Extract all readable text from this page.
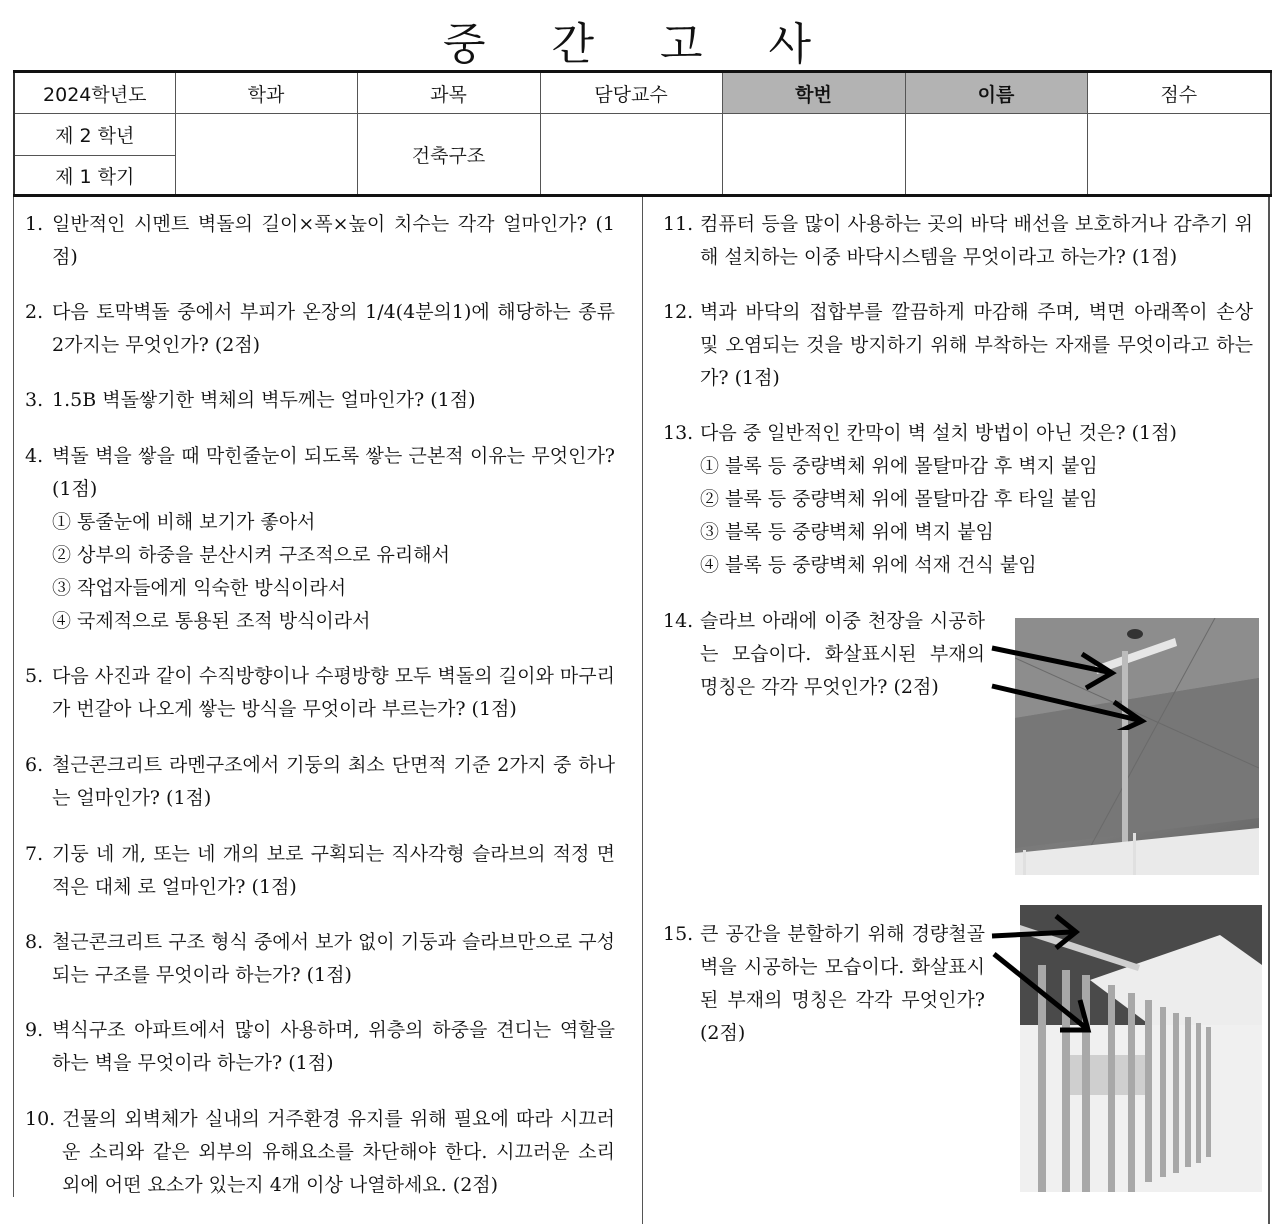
중 간 고 사
2024학년도	학과	과목	담당교수	학번	이름	점수
제 2 학년		건축구조				
제 1 학기						
1. 일반적인 시멘트 벽돌의 길이×폭×높이 치수는 각각 얼마인가? (1점)
2. 다음 토막벽돌 중에서 부피가 온장의 1/4(4분의1)에 해당하는 종류 2가지는 무엇인가? (2점)
3. 1.5B 벽돌쌓기한 벽체의 벽두께는 얼마인가? (1점)
4. 벽돌 벽을 쌓을 때 막힌줄눈이 되도록 쌓는 근본적 이유는 무엇인가? (1점)
① 통줄눈에 비해 보기가 좋아서
② 상부의 하중을 분산시켜 구조적으로 유리해서
③ 작업자들에게 익숙한 방식이라서
④ 국제적으로 통용된 조적 방식이라서
5. 다음 사진과 같이 수직방향이나 수평방향 모두 벽돌의 길이와 마구리가 번갈아 나오게 쌓는 방식을 무엇이라 부르는가? (1점)
6. 철근콘크리트 라멘구조에서 기둥의 최소 단면적 기준 2가지 중 하나는 얼마인가? (1점)
7. 기둥 네 개, 또는 네 개의 보로 구획되는 직사각형 슬라브의 적정 면적은 대체 로 얼마인가? (1점)
8. 철근콘크리트 구조 형식 중에서 보가 없이 기둥과 슬라브만으로 구성되는 구조를 무엇이라 하는가? (1점)
9. 벽식구조 아파트에서 많이 사용하며, 위층의 하중을 견디는 역할을 하는 벽을 무엇이라 하는가? (1점)
10. 건물의 외벽체가 실내의 거주환경 유지를 위해 필요에 따라 시끄러운 소리와 같은 외부의 유해요소를 차단해야 한다. 시끄러운 소리 외에 어떤 요소가 있는지 4개 이상 나열하세요. (2점)
11. 컴퓨터 등을 많이 사용하는 곳의 바닥 배선을 보호하거나 감추기 위해 설치하는 이중 바닥시스템을 무엇이라고 하는가? (1점)
12. 벽과 바닥의 접합부를 깔끔하게 마감해 주며, 벽면 아래쪽이 손상 및 오염되는 것을 방지하기 위해 부착하는 자재를 무엇이라고 하는가? (1점)
13. 다음 중 일반적인 칸막이 벽 설치 방법이 아닌 것은? (1점)
① 블록 등 중량벽체 위에 몰탈마감 후 벽지 붙임
② 블록 등 중량벽체 위에 몰탈마감 후 타일 붙임
③ 블록 등 중량벽체 위에 벽지 붙임
④ 블록 등 중량벽체 위에 석재 건식 붙임
14. 슬라브 아래에 이중 천장을 시공하는 모습이다. 화살표시된 부재의 명칭은 각각 무엇인가? (2점)
15. 큰 공간을 분할하기 위해 경량철골벽을 시공하는 모습이다. 화살표시된 부재의 명칭은 각각 무엇인가? (2점)
